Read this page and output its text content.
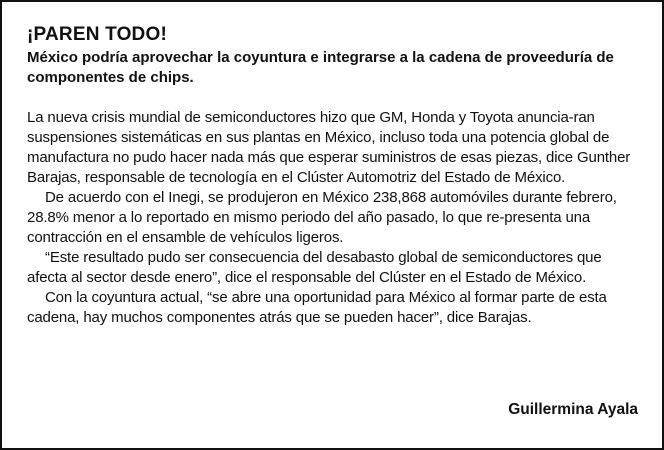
¡PAREN TODO!

México podría aprovechar la coyuntura e integrarse a la cadena de proveeduría de componentes de chips.

La nueva crisis mundial de semiconductores hizo que GM, Honda y Toyota anuncia-ran suspensiones sistemáticas en sus plantas en México, incluso toda una potencia global de manufactura no pudo hacer nada más que esperar suministros de esas piezas, dice Gunther Barajas, responsable de tecnología en el Clúster Automotriz del Estado de México.

De acuerdo con el Inegi, se produjeron en México 238,868 automóviles durante febrero, 28.8% menor a lo reportado en mismo periodo del año pasado, lo que re-presenta una contracción en el ensamble de vehículos ligeros.

“Este resultado pudo ser consecuencia del desabasto global de semiconductores que afecta al sector desde enero”, dice el responsable del Clúster en el Estado de México.

Con la coyuntura actual, “se abre una oportunidad para México al formar parte de esta cadena, hay muchos componentes atrás que se pueden hacer”, dice Barajas.

Guillermina Ayala
